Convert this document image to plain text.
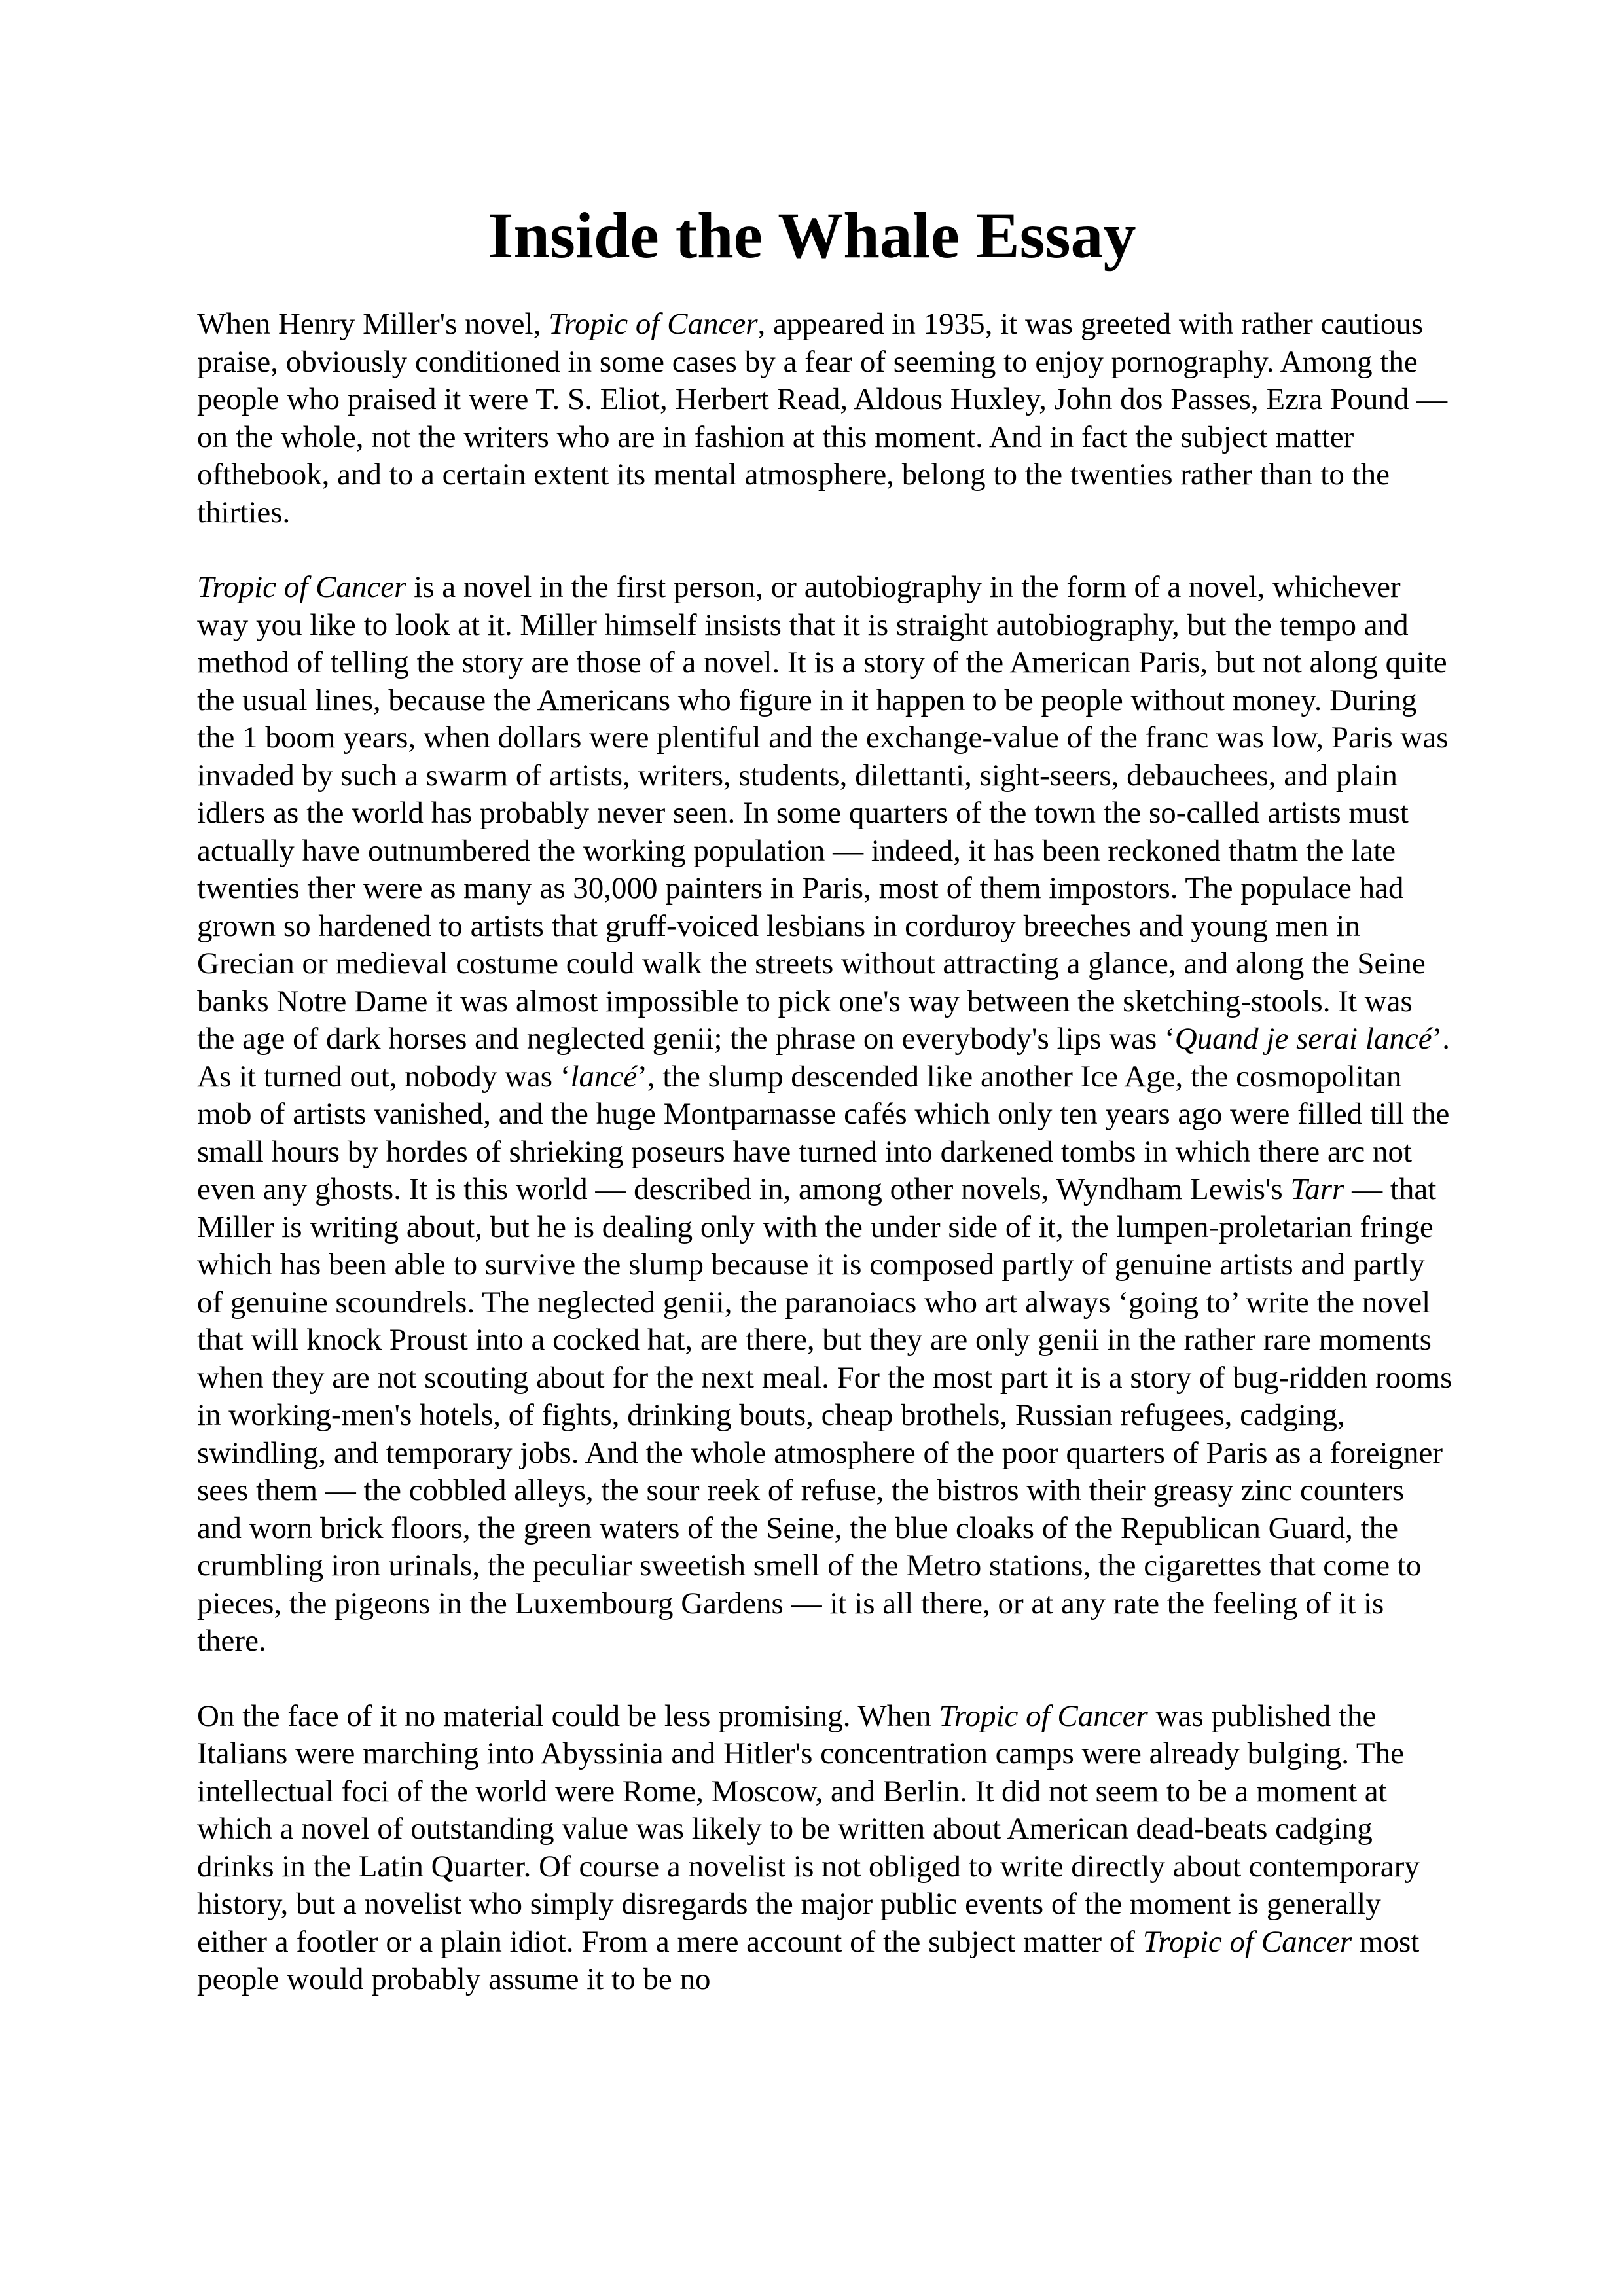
Inside the Whale Essay

When Henry Miller's novel, Tropic of Cancer, appeared in 1935, it was greeted with rather cautious praise, obviously conditioned in some cases by a fear of seeming to enjoy pornography. Among the people who praised it were T. S. Eliot, Herbert Read, Aldous Huxley, John dos Passes, Ezra Pound — on the whole, not the writers who are in fashion at this moment. And in fact the subject matter ofthebook, and to a certain extent its mental atmosphere, belong to the twenties rather than to the thirties.

Tropic of Cancer is a novel in the first person, or autobiography in the form of a novel, whichever way you like to look at it. Miller himself insists that it is straight autobiography, but the tempo and method of telling the story are those of a novel. It is a story of the American Paris, but not along quite the usual lines, because the Americans who figure in it happen to be people without money. During the 1 boom years, when dollars were plentiful and the exchange-value of the franc was low, Paris was invaded by such a swarm of artists, writers, students, dilettanti, sight-seers, debauchees, and plain idlers as the world has probably never seen. In some quarters of the town the so-called artists must actually have outnumbered the working population — indeed, it has been reckoned thatm the late twenties ther were as many as 30,000 painters in Paris, most of them impostors. The populace had grown so hardened to artists that gruff-voiced lesbians in corduroy breeches and young men in Grecian or medieval costume could walk the streets without attracting a glance, and along the Seine banks Notre Dame it was almost impossible to pick one's way between the sketching-stools. It was the age of dark horses and neglected genii; the phrase on everybody's lips was ‘Quand je serai lancé’. As it turned out, nobody was ‘lancé’, the slump descended like another Ice Age, the cosmopolitan mob of artists vanished, and the huge Montparnasse cafés which only ten years ago were filled till the small hours by hordes of shrieking poseurs have turned into darkened tombs in which there arc not even any ghosts. It is this world — described in, among other novels, Wyndham Lewis's Tarr — that Miller is writing about, but he is dealing only with the under side of it, the lumpen-proletarian fringe which has been able to survive the slump because it is composed partly of genuine artists and partly of genuine scoundrels. The neglected genii, the paranoiacs who art always ‘going to’ write the novel that will knock Proust into a cocked hat, are there, but they are only genii in the rather rare moments when they are not scouting about for the next meal. For the most part it is a story of bug-ridden rooms in working-men's hotels, of fights, drinking bouts, cheap brothels, Russian refugees, cadging, swindling, and temporary jobs. And the whole atmosphere of the poor quarters of Paris as a foreigner sees them — the cobbled alleys, the sour reek of refuse, the bistros with their greasy zinc counters and worn brick floors, the green waters of the Seine, the blue cloaks of the Republican Guard, the crumbling iron urinals, the peculiar sweetish smell of the Metro stations, the cigarettes that come to pieces, the pigeons in the Luxembourg Gardens — it is all there, or at any rate the feeling of it is there.

On the face of it no material could be less promising. When Tropic of Cancer was published the Italians were marching into Abyssinia and Hitler's concentration camps were already bulging. The intellectual foci of the world were Rome, Moscow, and Berlin. It did not seem to be a moment at which a novel of outstanding value was likely to be written about American dead-beats cadging drinks in the Latin Quarter. Of course a novelist is not obliged to write directly about contemporary history, but a novelist who simply disregards the major public events of the moment is generally either a footler or a plain idiot. From a mere account of the subject matter of Tropic of Cancer most people would probably assume it to be no
